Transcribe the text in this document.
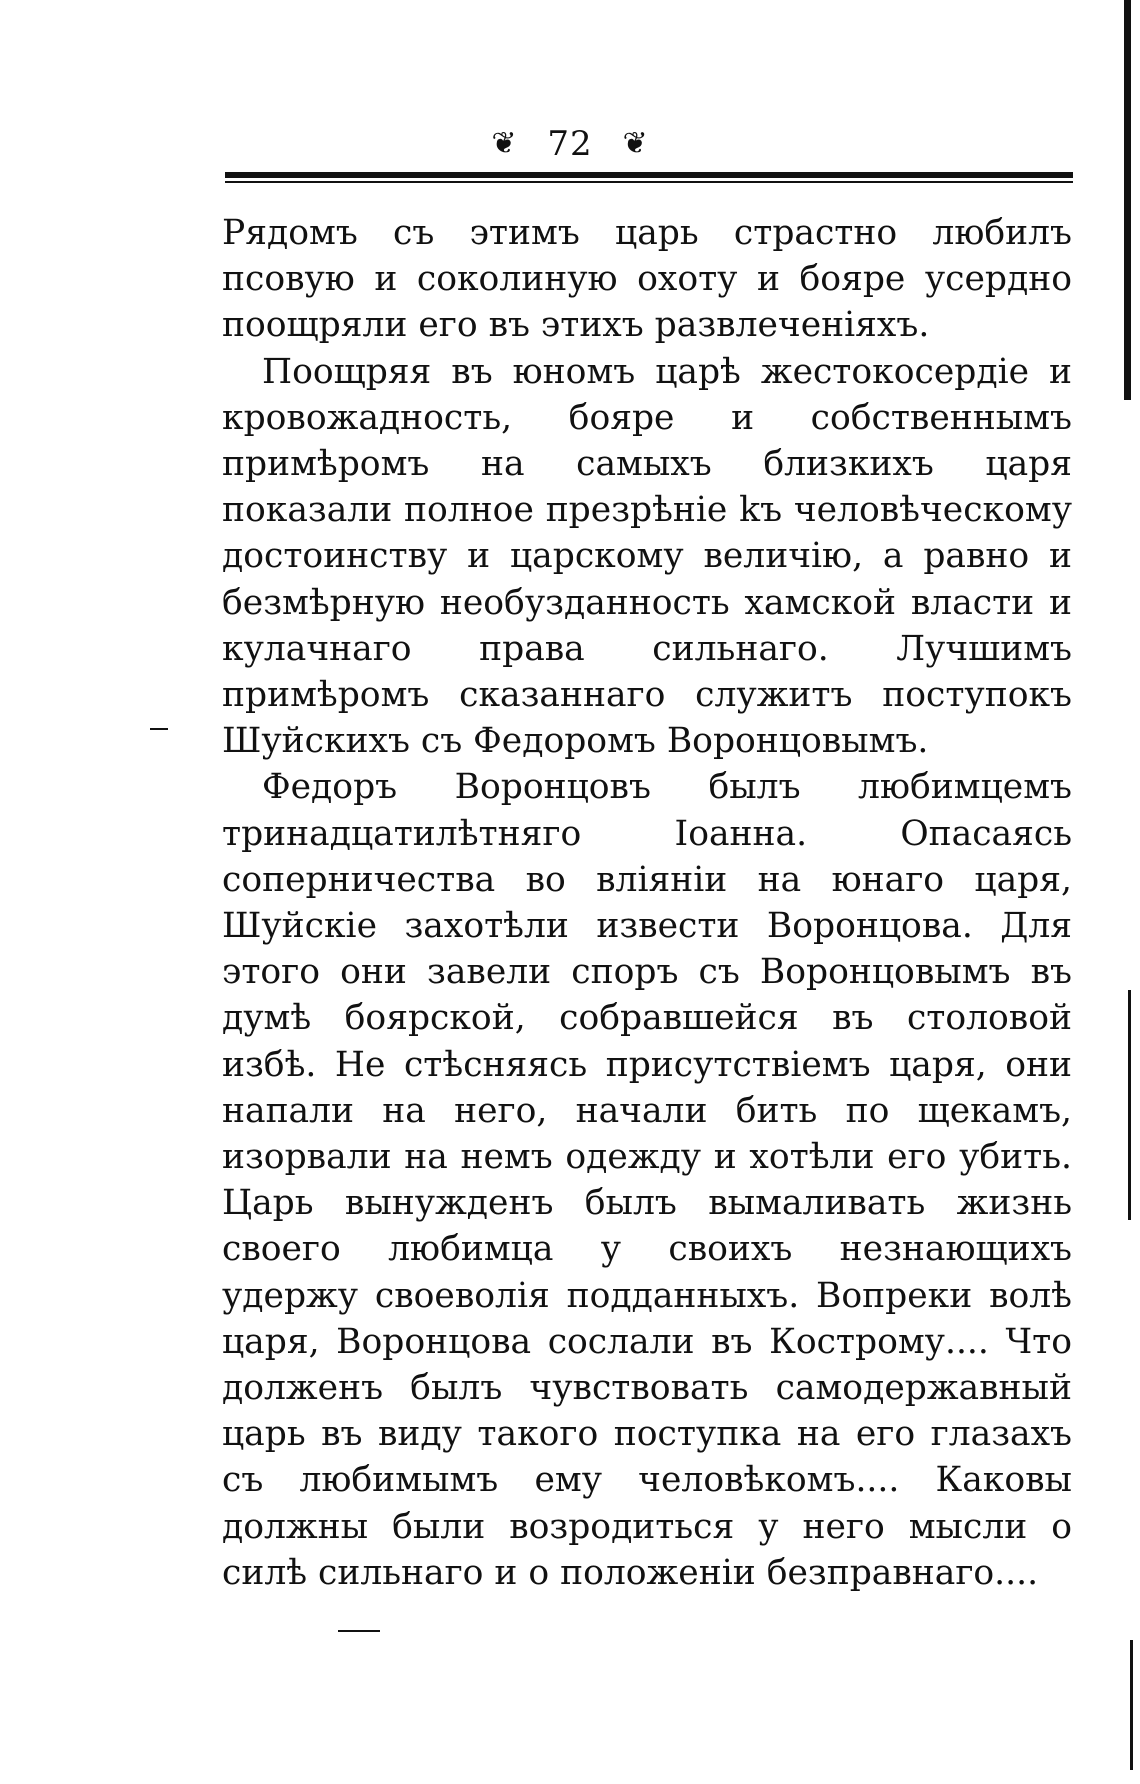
❦ 72 ❦

Рядомъ съ этимъ царь страстно любилъ псовую и соколиную охоту и бояре усердно поощряли его въ этихъ развлеченіяхъ.

Поощряя въ юномъ царѣ жестокосердіе и кровожадность, бояре и собственнымъ примѣромъ на самыхъ близкихъ царя показали полное презрѣніе kъ человѣческому достоинству и царскому величію, а равно и безмѣрную необузданность хамской власти и кулачнаго права сильнаго. Лучшимъ примѣромъ сказаннаго служитъ поступокъ Шуйскихъ съ Федоромъ Воронцовымъ.

Федоръ Воронцовъ былъ любимцемъ тринадцатилѣтняго Іоанна. Опасаясь соперничества во вліяніи на юнаго царя, Шуйскіе захотѣли извести Воронцова. Для этого они завели споръ съ Воронцовымъ въ думѣ боярской, собравшейся въ столовой избѣ. Не стѣсняясь присутствіемъ царя, они напали на него, начали бить по щекамъ, изорвали на немъ одежду и хотѣли его убить. Царь вынужденъ былъ вымаливать жизнь своего любимца у своихъ незнающихъ удержу своеволія подданныхъ. Вопреки волѣ царя, Воронцова сослали въ Кострому.... Что долженъ былъ чувствовать самодержавный царь въ виду такого поступка на его глазахъ съ любимымъ ему человѣкомъ.... Каковы должны были возродиться у него мысли о силѣ сильнаго и о положеніи безправнаго....
